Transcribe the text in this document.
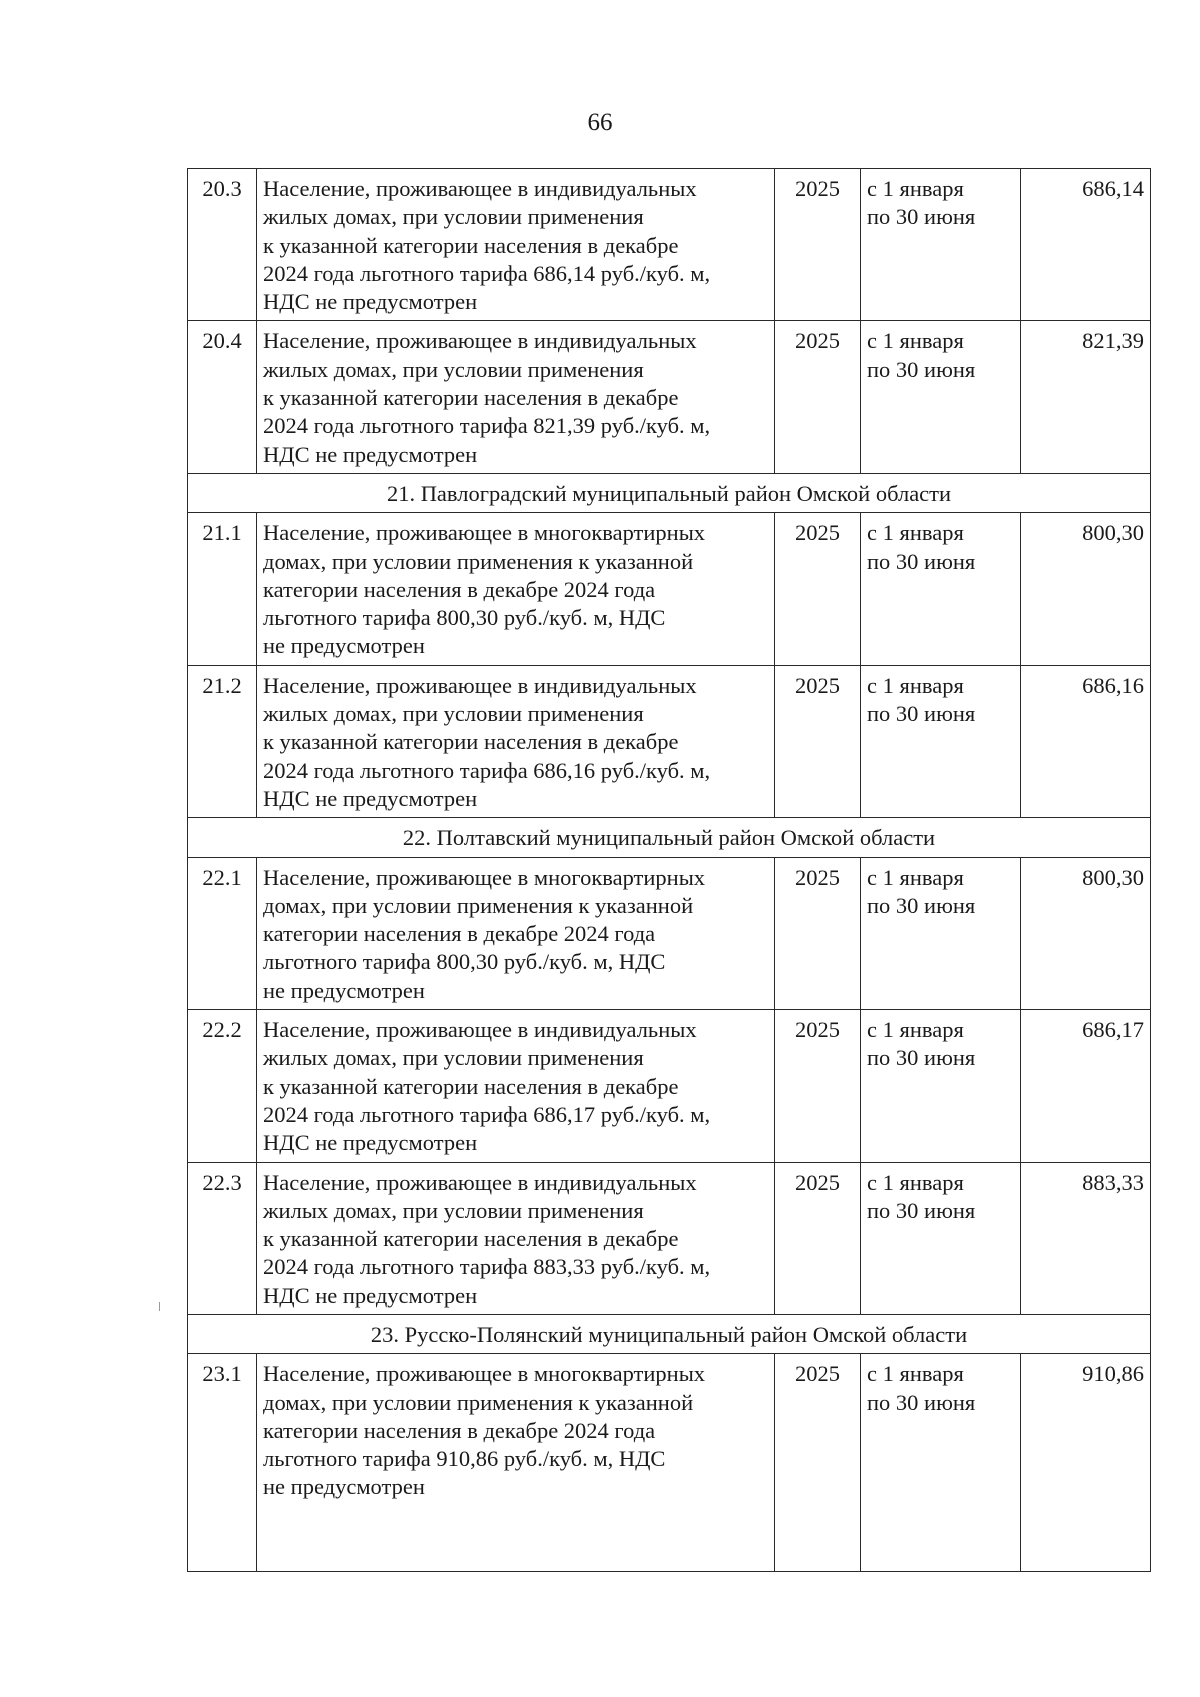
66
20.3	Население, проживающее в индивидуальных
жилых домах, при условии применения
к указанной категории населения в декабре
2024 года льготного тарифа 686,14 руб./куб. м,
НДС не предусмотрен	2025	с 1 января
по 30 июня	686,14
20.4	Население, проживающее в индивидуальных
жилых домах, при условии применения
к указанной категории населения в декабре
2024 года льготного тарифа 821,39 руб./куб. м,
НДС не предусмотрен	2025	с 1 января
по 30 июня	821,39
21. Павлоградский муниципальный район Омской области				
21.1	Население, проживающее в многоквартирных
домах, при условии применения к указанной
категории населения в декабре 2024 года
льготного тарифа 800,30 руб./куб. м, НДС
не предусмотрен	2025	с 1 января
по 30 июня	800,30
21.2	Население, проживающее в индивидуальных
жилых домах, при условии применения
к указанной категории населения в декабре
2024 года льготного тарифа 686,16 руб./куб. м,
НДС не предусмотрен	2025	с 1 января
по 30 июня	686,16
22. Полтавский муниципальный район Омской области				
22.1	Население, проживающее в многоквартирных
домах, при условии применения к указанной
категории населения в декабре 2024 года
льготного тарифа 800,30 руб./куб. м, НДС
не предусмотрен	2025	с 1 января
по 30 июня	800,30
22.2	Население, проживающее в индивидуальных
жилых домах, при условии применения
к указанной категории населения в декабре
2024 года льготного тарифа 686,17 руб./куб. м,
НДС не предусмотрен	2025	с 1 января
по 30 июня	686,17
22.3	Население, проживающее в индивидуальных
жилых домах, при условии применения
к указанной категории населения в декабре
2024 года льготного тарифа 883,33 руб./куб. м,
НДС не предусмотрен	2025	с 1 января
по 30 июня	883,33
23. Русско-Полянский муниципальный район Омской области				
23.1	Население, проживающее в многоквартирных
домах, при условии применения к указанной
категории населения в декабре 2024 года
льготного тарифа 910,86 руб./куб. м, НДС
не предусмотрен	2025	с 1 января
по 30 июня	910,86
